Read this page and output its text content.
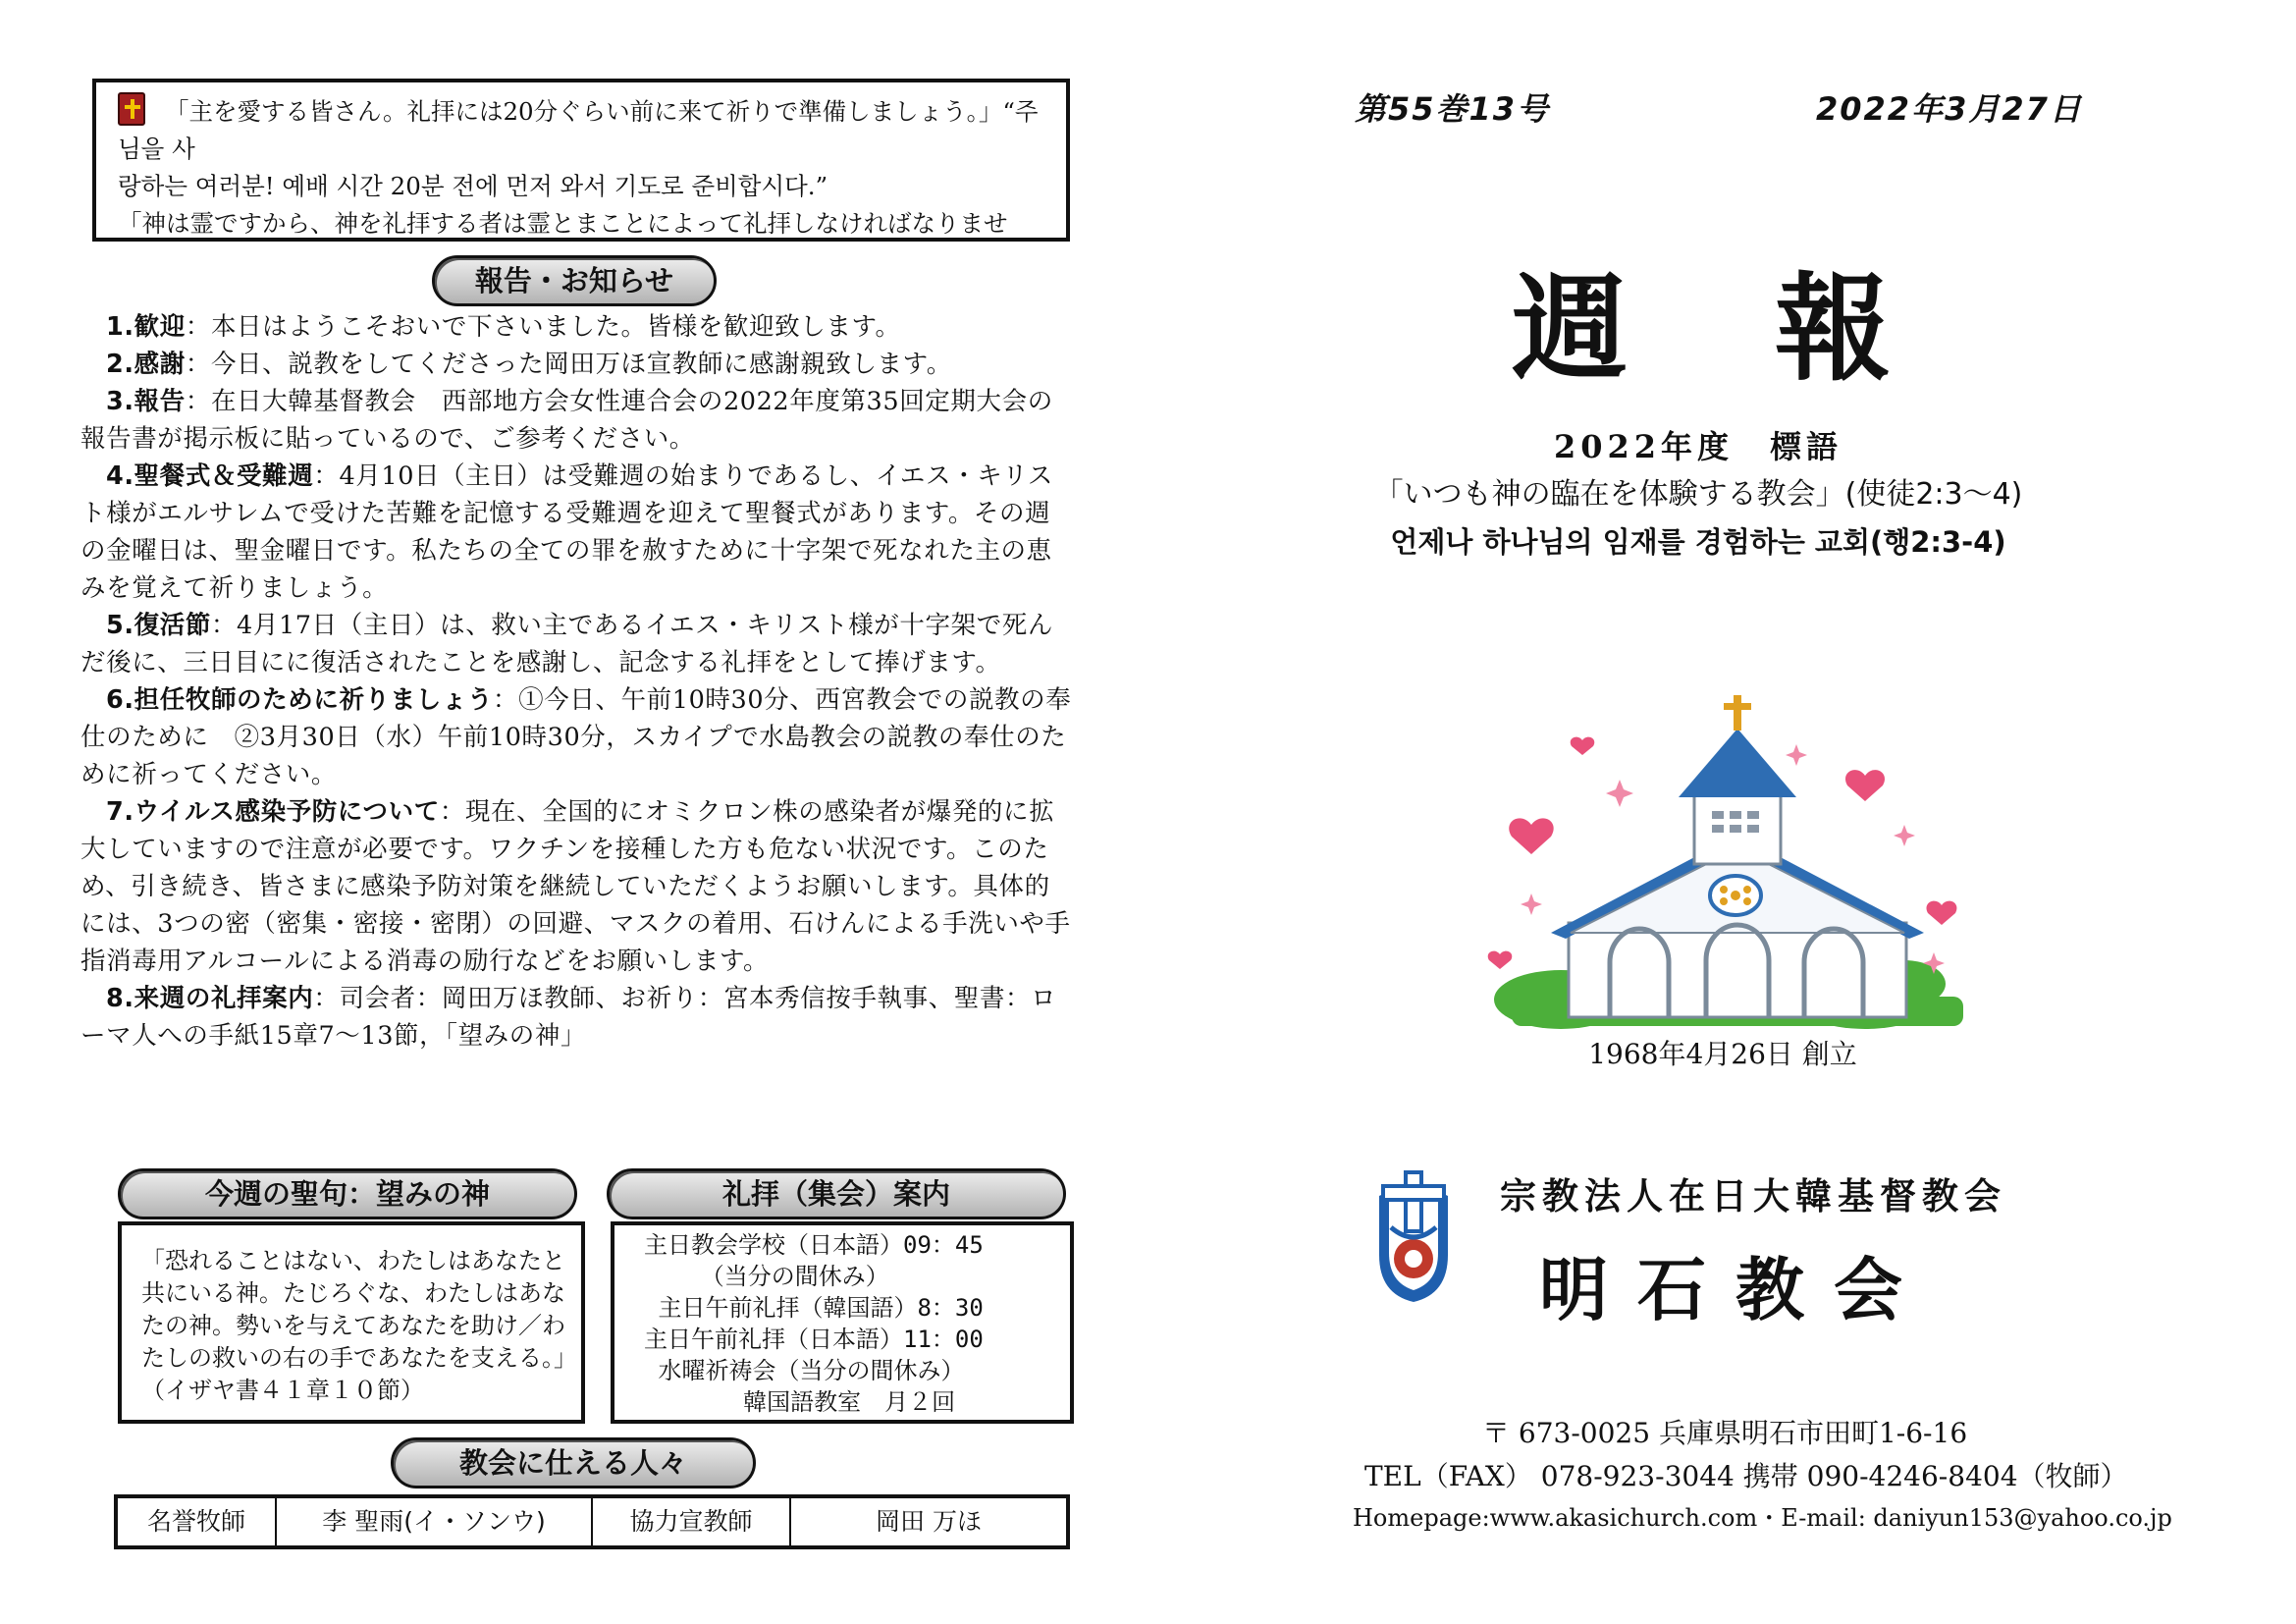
「主を愛する皆さん。礼拝には20分ぐらい前に来て祈りで準備しましょう。」“주님을 사

랑하는 여러분! 예배 시간 20분 전에 먼저 와서 기도로 준비합시다.”

「神は霊ですから、神を礼拝する者は霊とまことによって礼拝しなければなりませ

報告・お知らせ

1.歓迎：本日はようこそおいで下さいました。皆様を歓迎致します。

2.感謝：今日、説教をしてくださった岡田万ほ宣教師に感謝親致します。

3.報告：在日大韓基督教会　西部地方会女性連合会の2022年度第35回定期大会の報告書が掲示板に貼っているので、ご参考ください。

4.聖餐式＆受難週：4月10日（主日）は受難週の始まりであるし、イエス・キリスト様がエルサレムで受けた苦難を記憶する受難週を迎えて聖餐式があります。その週の金曜日は、聖金曜日です。私たちの全ての罪を赦すために十字架で死なれた主の恵みを覚えて祈りましょう。

5.復活節：4月17日（主日）は、救い主であるイエス・キリスト様が十字架で死んだ後に、三日目にに復活されたことを感謝し、記念する礼拝をとして捧げます。

6.担任牧師のために祈りましょう：①今日、午前10時30分、西宮教会での説教の奉仕のために　②3月30日（水）午前10時30分，スカイプで水島教会の説教の奉仕のために祈ってください。

7.ウイルス感染予防について：現在、全国的にオミクロン株の感染者が爆発的に拡大していますので注意が必要です。ワクチンを接種した方も危ない状況です。このため、引き続き、皆さまに感染予防対策を継続していただくようお願いします。具体的には、3つの密（密集・密接・密閉）の回避、マスクの着用、石けんによる手洗いや手指消毒用アルコールによる消毒の励行などをお願いします。

8.来週の礼拝案内：司会者：岡田万ほ教師、お祈り：宮本秀信按手執事、聖書：ローマ人への手紙15章7～13節，「望みの神」

今週の聖句：望みの神	礼拝（集会）案内
「恐れることはない、わたしはあなたと共にいる神。たじろぐな、わたしはあなたの神。勢いを与えてあなたを助け／わたしの救いの右の手であなたを支える。」（イザヤ書４１章１０節）
主日教会学校（日本語）09：45
（当分の間休み）
主日午前礼拝（韓国語）8：30
主日午前礼拝（日本語）11：00
水曜祈祷会（当分の間休み）
韓国語教室　月２回
教会に仕える人々
名誉牧師	李 聖雨(イ・ソンウ)	協力宣教師	岡田 万ほ
第55巻13号	2022年3月27日
週報
2022年度　標語
「いつも神の臨在を体験する教会」(使徒2:3～4)
언제나 하나님의 임재를 경험하는 교회(행2:3-4)
1968年4月26日 創立
宗教法人在日大韓基督教会
明石教会
〒 673-0025 兵庫県明石市田町1-6-16
TEL（FAX） 078-923-3044 携帯 090-4246-8404（牧師）
Homepage:www.akasichurch.com・E-mail: daniyun153@yahoo.co.jp
